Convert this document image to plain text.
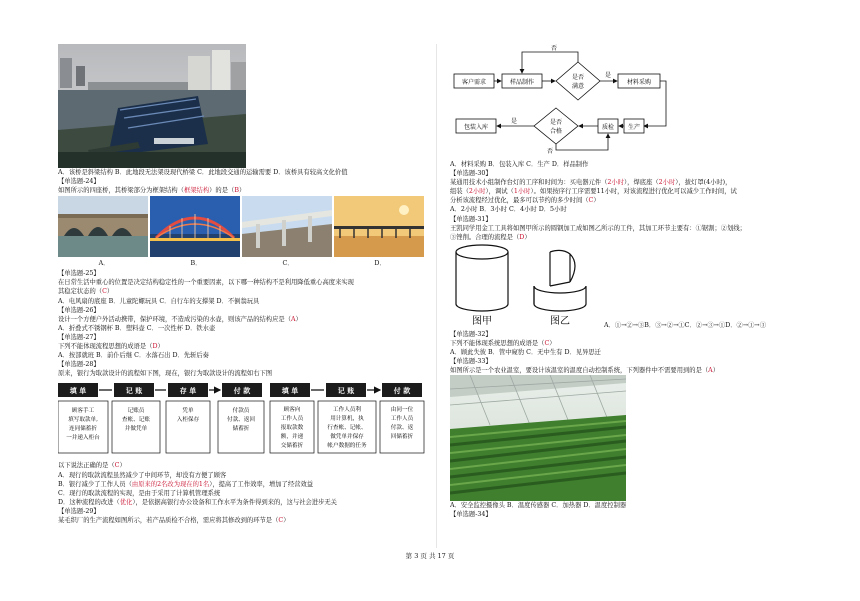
A．该桥是斜梁结构 B．此地段无法架设现代桥梁 C．此地段交通的运输需要 D．该桥具有较高文化价值
【单选题-24】
如图所示的四座桥，其桥梁部分为框架结构（框架结构）的是（B）
A．	B．	C．	D．
【单选题-25】
在日常生活中重心的位置是决定结构稳定性的一个重要因素，以下哪一种结构不是利用降低重心高度来实现
其稳定状态的（C）
A．电风扇的底座 B．儿童陀螺玩具 C．自行车的支撑架 D．不倒翁玩具
【单选题-26】
设计一个方便户外活动携带，保护环境，不造成污染的水壶，则该产品的结构应是（A）
A．折叠式不锈钢杯 B．塑料壶 C．一次性杯 D．铁水壶
【单选题-27】
下列不能体现流程思想的成语是（D）
A．按部就班 B．前仆后继 C．水落石出 D．先斩后奏
【单选题-28】
原来，银行为取款设计的流程如下图，现在，银行为取款设计的流程如右下图
填 单	记 账	存 单	付 款
顾客手工
填写取款单,
连同储蓄折
一并递入柜台
记账员
查帐、记账
并做凭单
凭单
入柜保存
付款员
付款、返回
储蓄折
填 单	记 账	付 款
顾客向
工作人员
报取款数
额，并递
交储蓄折
工作人员利
用计算机，执
行查帐、记帐、
做凭单并保存
帐户数据的任务
由同一位
工作人员
付款、返
回储蓄折
以下说法正确的是（C）
A．现行的取款流程虽然减少了中间环节，却没有方便了顾客
B．银行减少了工作人员（由原来的2名改为现在的1名），提高了工作效率，增加了经营效益
C．现行的取款流程的实现，是由于采用了计算机管理系统
D．这种流程的改进（优化），是依据高银行办公设备和工作水平为条件得到来的，这与社会进步无关
【单选题-29】
某毛织厂的生产流程如图所示，若产品质检不合格，需应将其修改到的环节是（C）
客户需求	样品制作
是否
满意
材料采购
是
否
生产
质检
是否
合格
包装入库
是
否
A．材料采购 B．包装入库 C．生产 D．样品制作
【单选题-30】
某通用技术小组制作台灯的工序和时间为：买电器元件（2小时），焊底座（2小时），拔灯罩(4小时)，
组装（2小时），调试（1小时）。如果按序行工序需要11小时，对该流程进行优化可以减少工作时间，试
分析该流程经过优化，最多可以节约的多少时间（C）
A．2小时 B．3小时 C．4小时 D．5小时
【单选题-31】
王凯同学用金工工具将如图甲所示的圆钢加工成如图乙所示的工件，其加工环节主要有：①锯割；②划线；
③锉削。合理的流程是（D）
图甲	图乙	A．①→②→③B．③→②→①C．②→③→①D．②→①→③
【单选题-32】
下列不能体现系统思想的成语是（C）
A．顾此失彼 B．管中窥豹 C．无中生有 D．见异思迁
【单选题-33】
如图所示是一个农业温室，要设计该温室的温度自动控制系统，下列器件中不需要用到的是（A）
A．安全监控摄像头 B．温度传感器 C．加热器 D．温度控制器
【单选题-34】
第 3 页 共 17 页
